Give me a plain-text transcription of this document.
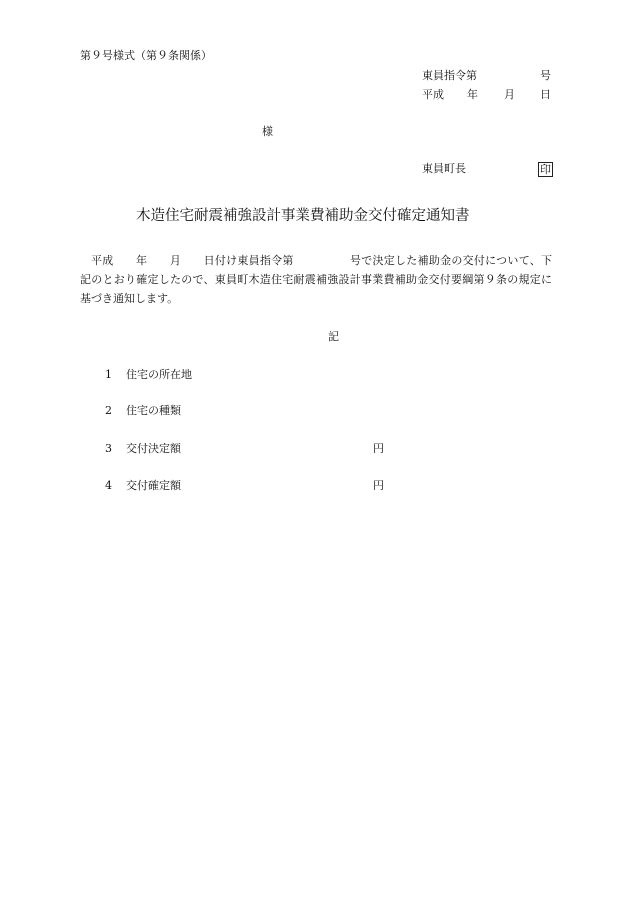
第９号様式（第９条関係）
東員指令第	号
平成 年 月 日
様
東員町長	印
木造住宅耐震補強設計事業費補助金交付確定通知書
平成　　年　　月　　日付け東員指令第　　　　　号で決定した補助金の交付について、下記のとおり確定したので、東員町木造住宅耐震補強設計事業費補助金交付要綱第９条の規定に基づき通知します。
記
1 住宅の所在地
2 住宅の種類
3 交付決定額	円
4 交付確定額	円
